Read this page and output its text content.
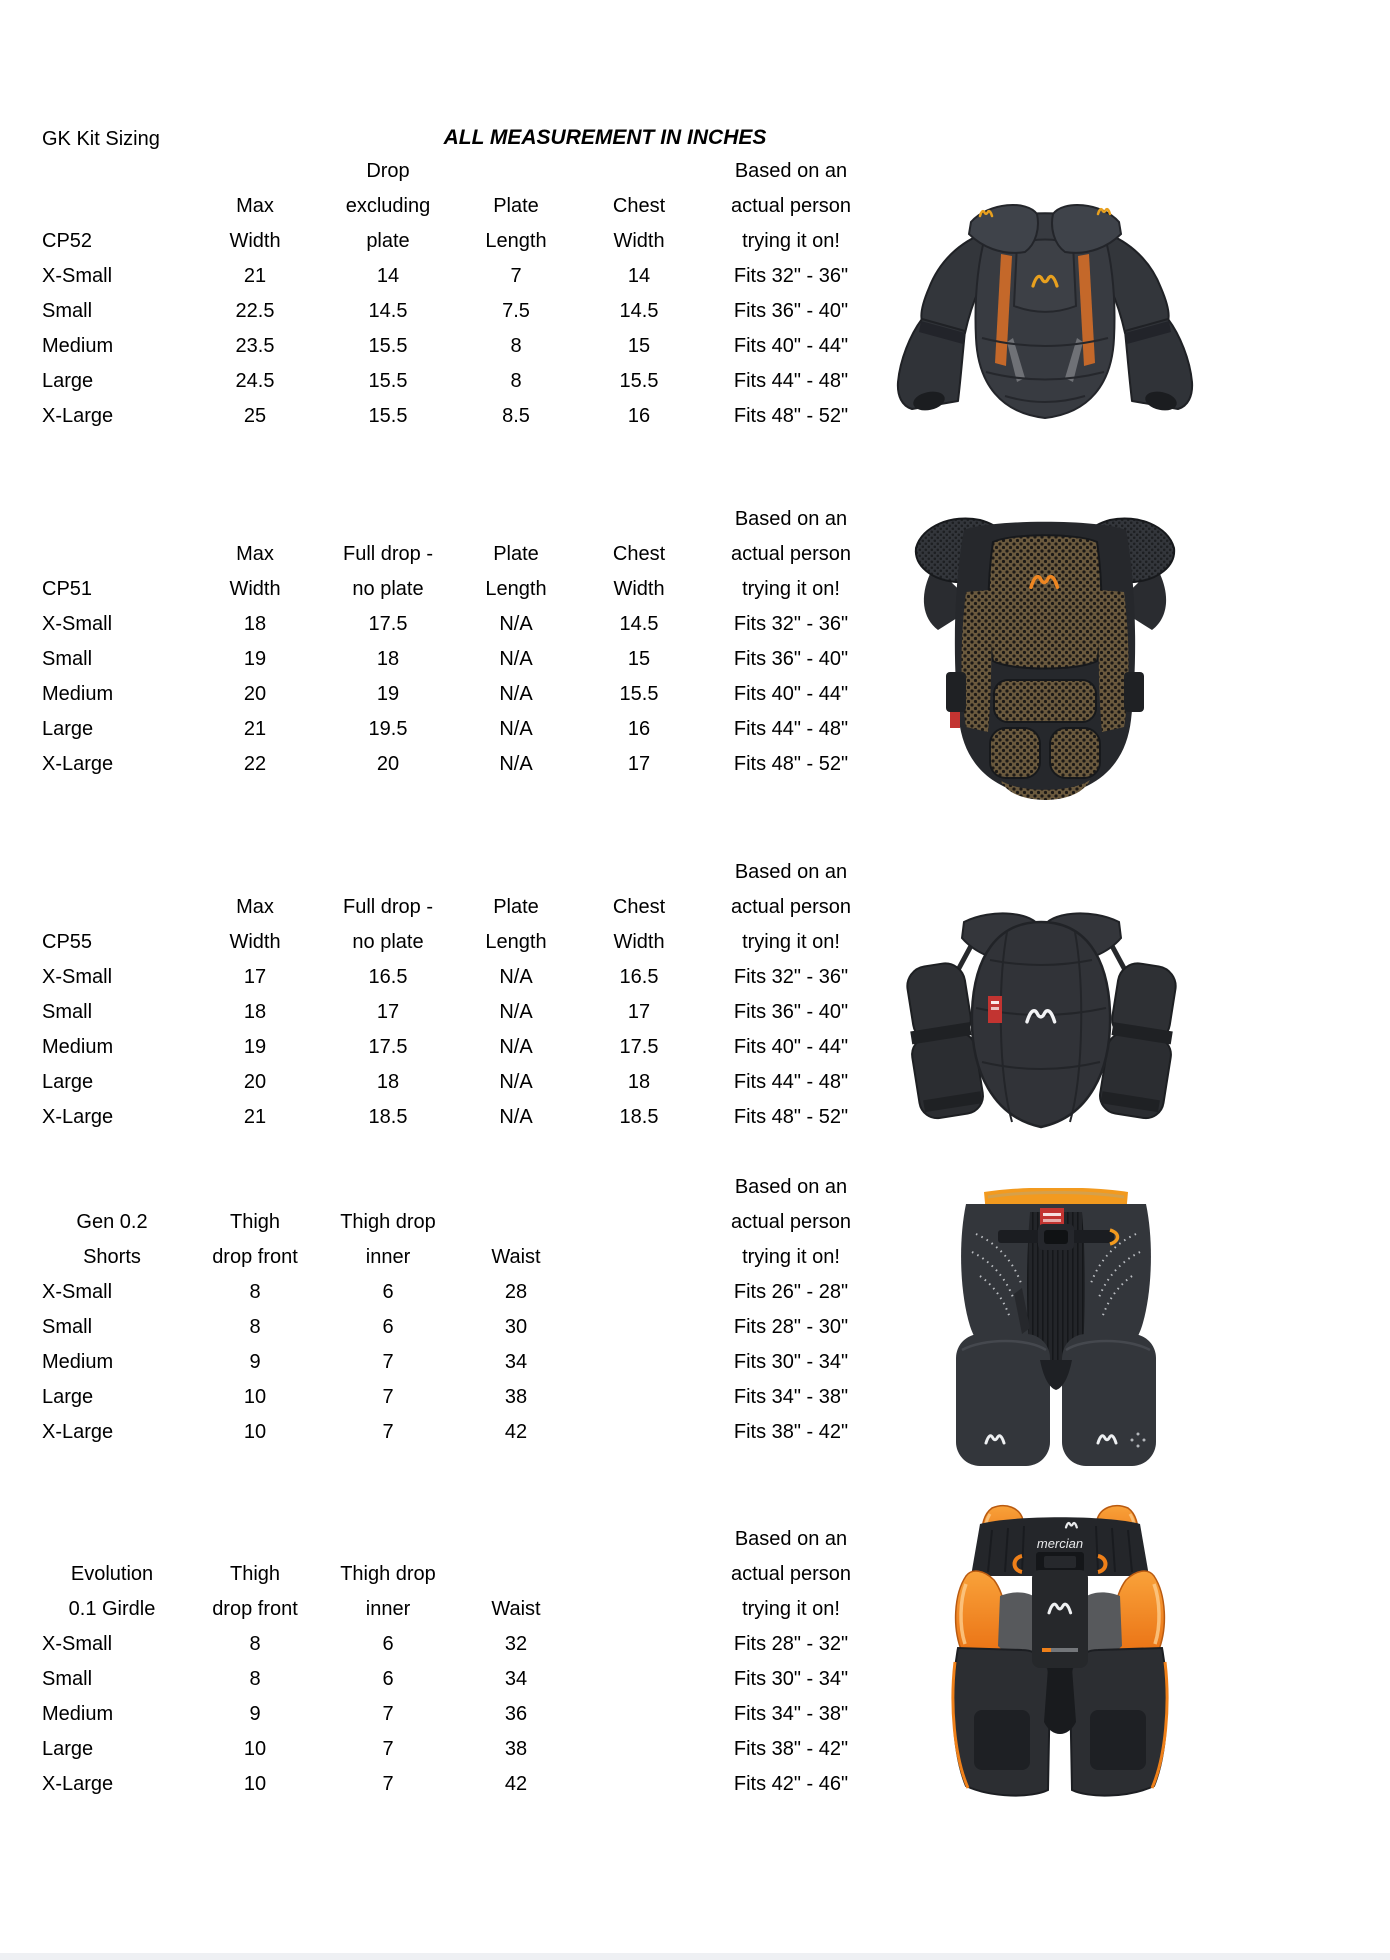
GK Kit Sizing	ALL MEASUREMENT IN INCHES
Drop	Based on an
Max	excluding	Plate	Chest	actual person
CP52	Width	plate	Length	Width	trying it on!
X-Small	21	14	7	14	Fits 32" - 36"
Small	22.5	14.5	7.5	14.5	Fits 36" - 40"
Medium	23.5	15.5	8	15	Fits 40" - 44"
Large	24.5	15.5	8	15.5	Fits 44" - 48"
X-Large	25	15.5	8.5	16	Fits 48" - 52"
Based on an
Max	Full drop -	Plate	Chest	actual person
CP51	Width	no plate	Length	Width	trying it on!
X-Small	18	17.5	N/A	14.5	Fits 32" - 36"
Small	19	18	N/A	15	Fits 36" - 40"
Medium	20	19	N/A	15.5	Fits 40" - 44"
Large	21	19.5	N/A	16	Fits 44" - 48"
X-Large	22	20	N/A	17	Fits 48" - 52"
Based on an
Max	Full drop -	Plate	Chest	actual person
CP55	Width	no plate	Length	Width	trying it on!
X-Small	17	16.5	N/A	16.5	Fits 32" - 36"
Small	18	17	N/A	17	Fits 36" - 40"
Medium	19	17.5	N/A	17.5	Fits 40" - 44"
Large	20	18	N/A	18	Fits 44" - 48"
X-Large	21	18.5	N/A	18.5	Fits 48" - 52"
Based on an
Gen 0.2	Thigh	Thigh drop	actual person
Shorts	drop front	inner	Waist	trying it on!
X-Small	8	6	28	Fits 26" - 28"
Small	8	6	30	Fits 28" - 30"
Medium	9	7	34	Fits 30" - 34"
Large	10	7	38	Fits 34" - 38"
X-Large	10	7	42	Fits 38" - 42"
Based on an
Evolution	Thigh	Thigh drop	actual person
0.1 Girdle	drop front	inner	Waist	trying it on!
X-Small	8	6	32	Fits 28" - 32"
Small	8	6	34	Fits 30" - 34"
Medium	9	7	36	Fits 34" - 38"
Large	10	7	38	Fits 38" - 42"
X-Large	10	7	42	Fits 42" - 46"
mercian
